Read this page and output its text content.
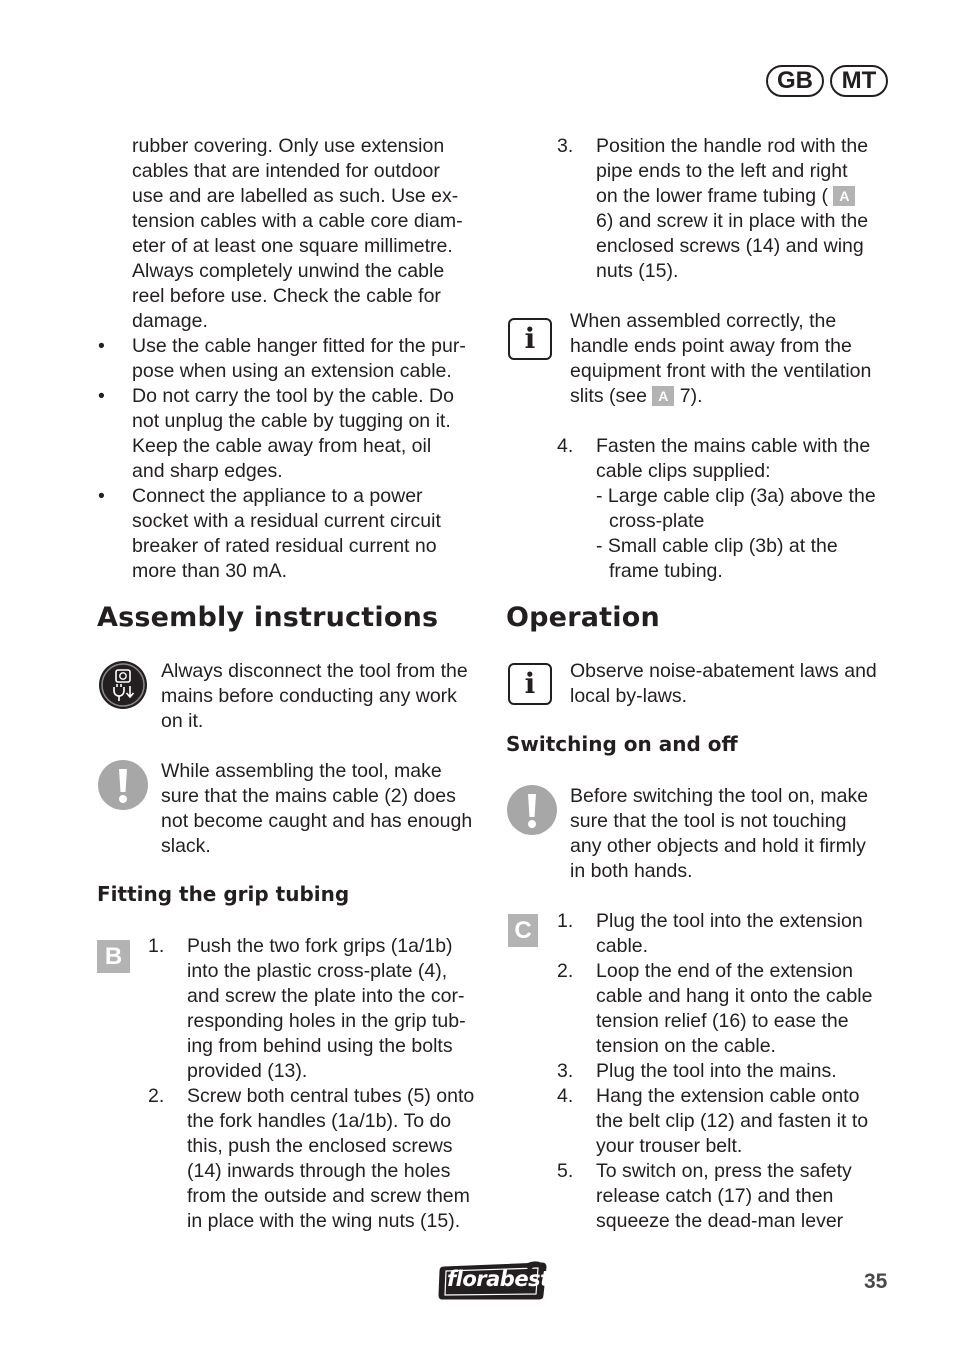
GB	MT
rubber covering. Only use extension
cables that are intended for outdoor
use and are labelled as such. Use ex-
tension cables with a cable core diam-
eter of at least one square millimetre.
Always completely unwind the cable
reel before use. Check the cable for
damage.
• Use the cable hanger fitted for the pur-
pose when using an extension cable.
• Do not carry the tool by the cable. Do
not unplug the cable by tugging on it.
Keep the cable away from heat, oil
and sharp edges.
• Connect the appliance to a power
socket with a residual current circuit
breaker of rated residual current no
more than 30 mA.
Assembly instructions
Always disconnect the tool from the
mains before conducting any work
on it.
While assembling the tool, make
sure that the mains cable (2) does
not become caught and has enough
slack.
Fitting the grip tubing
B	1.	Push the two fork grips (1a/1b)
into the plastic cross-plate (4),
and screw the plate into the cor-
responding holes in the grip tub-
ing from behind using the bolts
provided (13).
2.	Screw both central tubes (5) onto
the fork handles (1a/1b). To do
this, push the enclosed screws
(14) inwards through the holes
from the outside and screw them
in place with the wing nuts (15).
3.	Position the handle rod with the
pipe ends to the left and right
on the lower frame tubing ( A
6) and screw it in place with the
enclosed screws (14) and wing
nuts (15).
i
When assembled correctly, the
handle ends point away from the
equipment front with the ventilation
slits (see A 7).
4.	Fasten the mains cable with the
cable clips supplied:
- Large cable clip (3a) above the
cross-plate
- Small cable clip (3b) at the
frame tubing.
Operation
i	Observe noise-abatement laws and
local by-laws.
Switching on and off
Before switching the tool on, make
sure that the tool is not touching
any other objects and hold it firmly
in both hands.
C	1.	Plug the tool into the extension
cable.
2.	Loop the end of the extension
cable and hang it onto the cable
tension relief (16) to ease the
tension on the cable.
3.	Plug the tool into the mains.
4.	Hang the extension cable onto
the belt clip (12) and fasten it to
your trouser belt.
5.	To switch on, press the safety
release catch (17) and then
squeeze the dead-man lever
florabest	35
